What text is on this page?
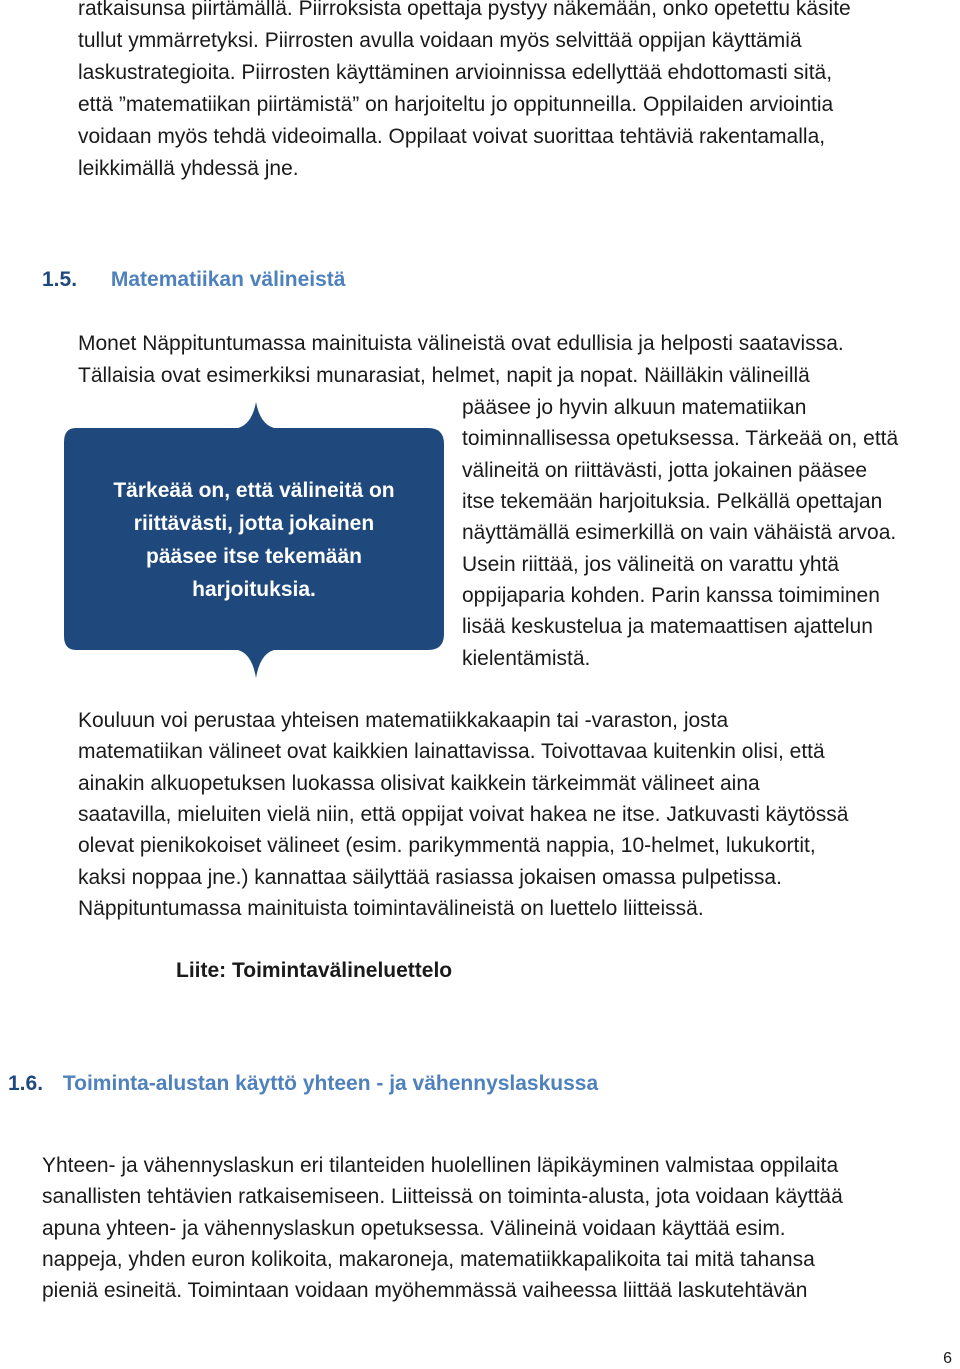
ratkaisunsa piirtämällä. Piirroksista opettaja pystyy näkemään, onko opetettu käsite
tullut ymmärretyksi. Piirrosten avulla voidaan myös selvittää oppijan käyttämiä
laskustrategioita. Piirrosten käyttäminen arvioinnissa edellyttää ehdottomasti sitä,
että ”matematiikan piirtämistä” on harjoiteltu jo oppitunneilla. Oppilaiden arviointia
voidaan myös tehdä videoimalla. Oppilaat voivat suorittaa tehtäviä rakentamalla,
leikkimällä yhdessä jne.
1.5. Matematiikan välineistä
Monet Näppituntumassa mainituista välineistä ovat edullisia ja helposti saatavissa.
Tällaisia ovat esimerkiksi munarasiat, helmet, napit ja nopat. Näilläkin välineillä
Tärkeää on, että välineitä on
riittävästi, jotta jokainen
pääsee itse tekemään
harjoituksia.
pääsee jo hyvin alkuun matematiikan
toiminnallisessa opetuksessa. Tärkeää on, että
välineitä on riittävästi, jotta jokainen pääsee
itse tekemään harjoituksia. Pelkällä opettajan
näyttämällä esimerkillä on vain vähäistä arvoa.
Usein riittää, jos välineitä on varattu yhtä
oppijaparia kohden. Parin kanssa toimiminen
lisää keskustelua ja matemaattisen ajattelun
kielentämistä.
Kouluun voi perustaa yhteisen matematiikkakaapin tai -varaston, josta
matematiikan välineet ovat kaikkien lainattavissa. Toivottavaa kuitenkin olisi, että
ainakin alkuopetuksen luokassa olisivat kaikkein tärkeimmät välineet aina
saatavilla, mieluiten vielä niin, että oppijat voivat hakea ne itse. Jatkuvasti käytössä
olevat pienikokoiset välineet (esim. parikymmentä nappia, 10-helmet, lukukortit,
kaksi noppaa jne.) kannattaa säilyttää rasiassa jokaisen omassa pulpetissa.
Näppituntumassa mainituista toimintavälineistä on luettelo liitteissä.
Liite: Toimintavälineluettelo
1.6. Toiminta-alustan käyttö yhteen - ja vähennyslaskussa
Yhteen- ja vähennyslaskun eri tilanteiden huolellinen läpikäyminen valmistaa oppilaita
sanallisten tehtävien ratkaisemiseen. Liitteissä on toiminta-alusta, jota voidaan käyttää
apuna yhteen- ja vähennyslaskun opetuksessa. Välineinä voidaan käyttää esim.
nappeja, yhden euron kolikoita, makaroneja, matematiikkapalikoita tai mitä tahansa
pieniä esineitä. Toimintaan voidaan myöhemmässä vaiheessa liittää laskutehtävän
6
